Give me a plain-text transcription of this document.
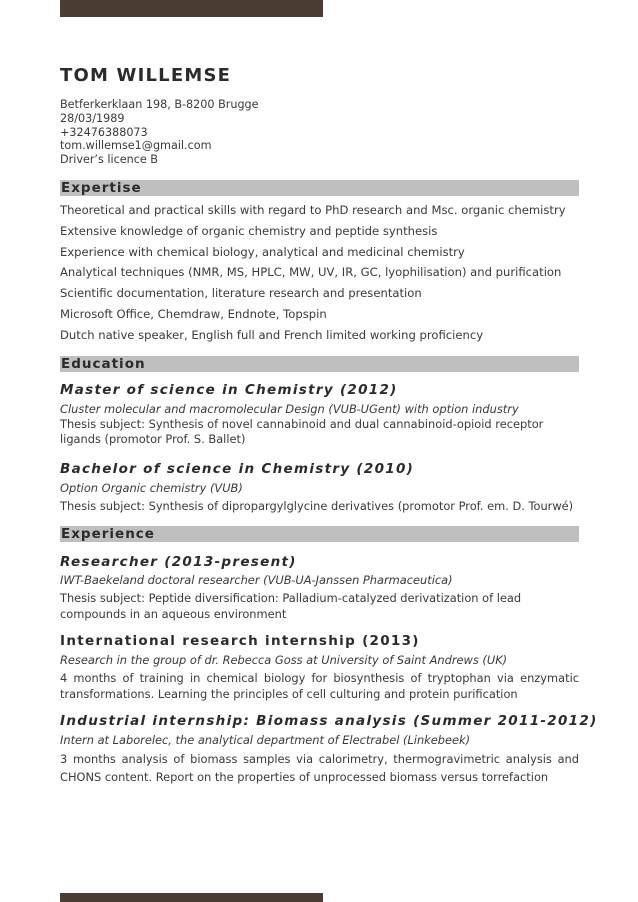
TOM WILLEMSE
Betferkerklaan 198, B-8200 Brugge
28/03/1989
+32476388073
tom.willemse1@gmail.com
Driver’s licence B
Expertise
Theoretical and practical skills with regard to PhD research and Msc. organic chemistry
Extensive knowledge of organic chemistry and peptide synthesis
Experience with chemical biology, analytical and medicinal chemistry
Analytical techniques (NMR, MS, HPLC, MW, UV, IR, GC, lyophilisation) and purification
Scientific documentation, literature research and presentation
Microsoft Office, Chemdraw, Endnote, Topspin
Dutch native speaker, English full and French limited working proficiency
Education
Master of science in Chemistry (2012)
Cluster molecular and macromolecular Design (VUB-UGent) with option industry
Thesis subject: Synthesis of novel cannabinoid and dual cannabinoid-opioid receptor ligands (promotor Prof. S. Ballet)
Bachelor of science in Chemistry (2010)
Option Organic chemistry (VUB)
Thesis subject: Synthesis of dipropargylglycine derivatives (promotor Prof. em. D. Tourwé)
Experience
Researcher (2013-present)
IWT-Baekeland doctoral researcher (VUB-UA-Janssen Pharmaceutica)
Thesis subject: Peptide diversification: Palladium-catalyzed derivatization of lead compounds in an aqueous environment
International research internship (2013)
Research in the group of dr. Rebecca Goss at University of Saint Andrews (UK)
4 months of training in chemical biology for biosynthesis of tryptophan via enzymatic transformations. Learning the principles of cell culturing and protein purification
Industrial internship: Biomass analysis (Summer 2011-2012)
Intern at Laborelec, the analytical department of Electrabel (Linkebeek)
3 months analysis of biomass samples via calorimetry, thermogravimetric analysis and CHONS content. Report on the properties of unprocessed biomass versus torrefaction
